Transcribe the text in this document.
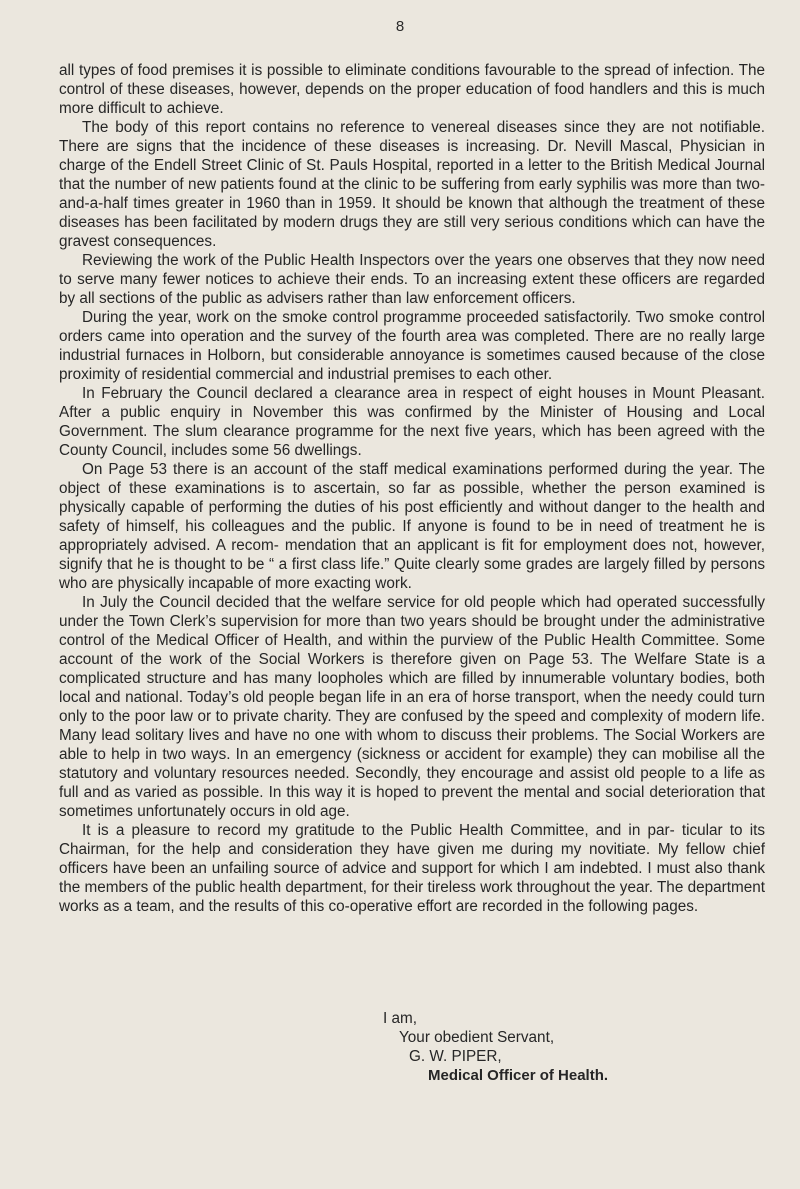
8

all types of food premises it is possible to eliminate conditions favourable to the spread of infection. The control of these diseases, however, depends on the proper education of food handlers and this is much more difficult to achieve.

The body of this report contains no reference to venereal diseases since they are not notifiable. There are signs that the incidence of these diseases is increasing. Dr. Nevill Mascal, Physician in charge of the Endell Street Clinic of St. Pauls Hospital, reported in a letter to the British Medical Journal that the number of new patients found at the clinic to be suffering from early syphilis was more than two-and-a-half times greater in 1960 than in 1959. It should be known that although the treatment of these diseases has been facilitated by modern drugs they are still very serious conditions which can have the gravest consequences.

Reviewing the work of the Public Health Inspectors over the years one observes that they now need to serve many fewer notices to achieve their ends. To an increasing extent these officers are regarded by all sections of the public as advisers rather than law enforcement officers.

During the year, work on the smoke control programme proceeded satisfactorily. Two smoke control orders came into operation and the survey of the fourth area was completed. There are no really large industrial furnaces in Holborn, but considerable annoyance is sometimes caused because of the close proximity of residential commercial and industrial premises to each other.

In February the Council declared a clearance area in respect of eight houses in Mount Pleasant. After a public enquiry in November this was confirmed by the Minister of Housing and Local Government. The slum clearance programme for the next five years, which has been agreed with the County Council, includes some 56 dwellings.

On Page 53 there is an account of the staff medical examinations performed during the year. The object of these examinations is to ascertain, so far as possible, whether the person examined is physically capable of performing the duties of his post efficiently and without danger to the health and safety of himself, his colleagues and the public. If anyone is found to be in need of treatment he is appropriately advised. A recom- mendation that an applicant is fit for employment does not, however, signify that he is thought to be “ a first class life.” Quite clearly some grades are largely filled by persons who are physically incapable of more exacting work.

In July the Council decided that the welfare service for old people which had operated successfully under the Town Clerk’s supervision for more than two years should be brought under the administrative control of the Medical Officer of Health, and within the purview of the Public Health Committee. Some account of the work of the Social Workers is therefore given on Page 53. The Welfare State is a complicated structure and has many loopholes which are filled by innumerable voluntary bodies, both local and national. Today’s old people began life in an era of horse transport, when the needy could turn only to the poor law or to private charity. They are confused by the speed and complexity of modern life. Many lead solitary lives and have no one with whom to discuss their problems. The Social Workers are able to help in two ways. In an emergency (sickness or accident for example) they can mobilise all the statutory and voluntary resources needed. Secondly, they encourage and assist old people to a life as full and as varied as possible. In this way it is hoped to prevent the mental and social deterioration that sometimes unfortunately occurs in old age.

It is a pleasure to record my gratitude to the Public Health Committee, and in par- ticular to its Chairman, for the help and consideration they have given me during my novitiate. My fellow chief officers have been an unfailing source of advice and support for which I am indebted. I must also thank the members of the public health department, for their tireless work throughout the year. The department works as a team, and the results of this co-operative effort are recorded in the following pages.

I am,
Your obedient Servant,
G. W. PIPER,
Medical Officer of Health.
